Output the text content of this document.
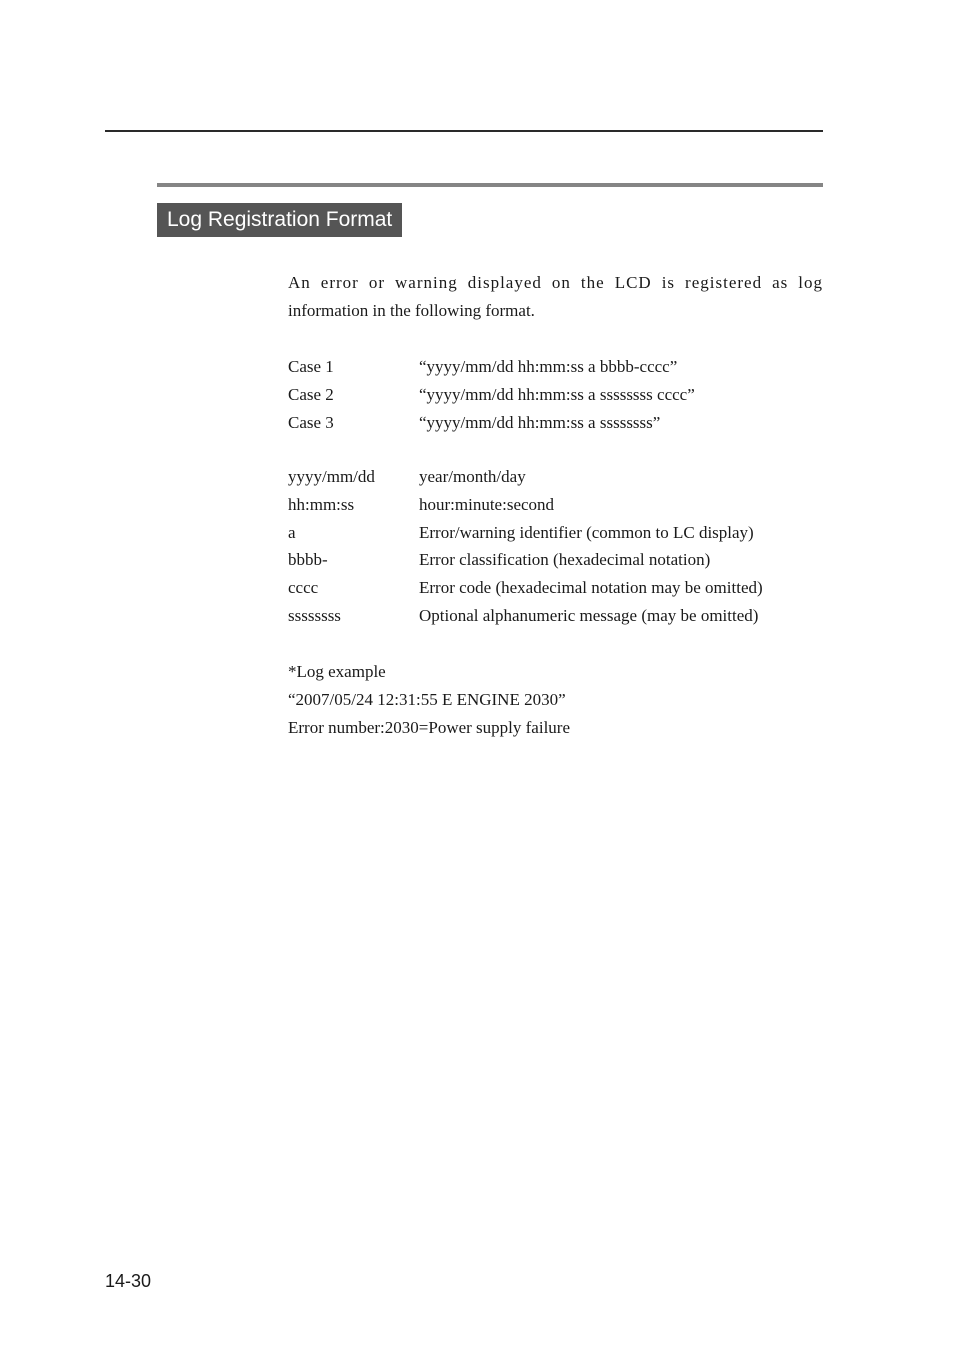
Log Registration Format

An error or warning displayed on the LCD is registered as log
information in the following format.

Case 1	“yyyy/mm/dd hh:mm:ss a bbbb-cccc”
Case 2	“yyyy/mm/dd hh:mm:ss a ssssssss cccc”
Case 3	“yyyy/mm/dd hh:mm:ss a ssssssss”
yyyy/mm/dd	year/month/day
hh:mm:ss	hour:minute:second
a	Error/warning identifier (common to LC display)
bbbb-	Error classification (hexadecimal notation)
cccc	Error code (hexadecimal notation may be omitted)
ssssssss	Optional alphanumeric message (may be omitted)
*Log example
“2007/05/24 12:31:55 E ENGINE 2030”
Error number:2030=Power supply failure
14-30
